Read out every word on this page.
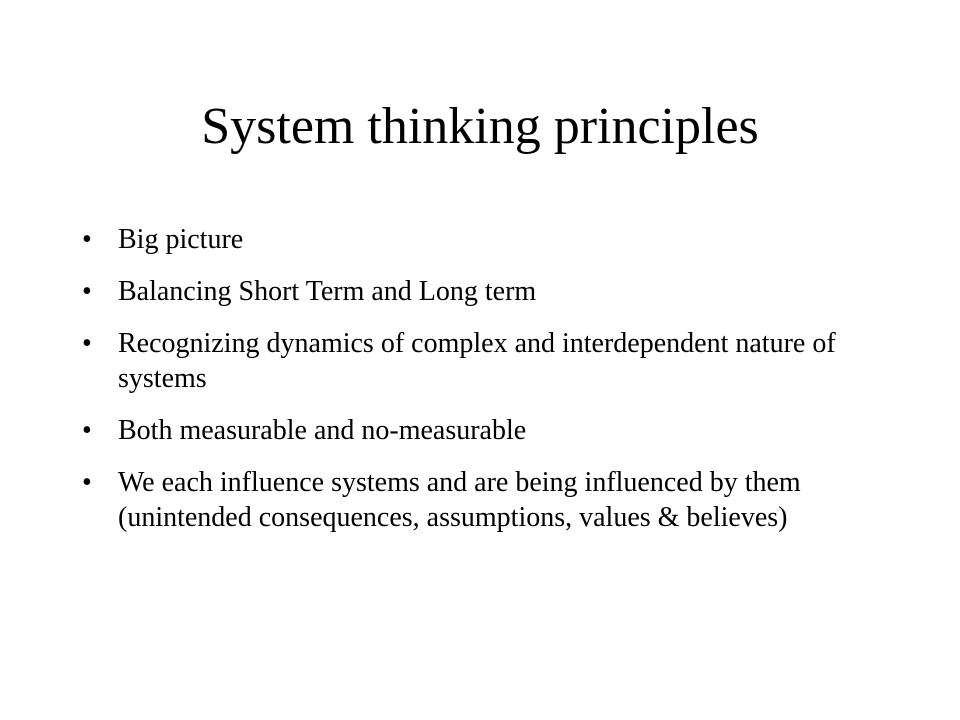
System thinking principles
• Big picture
• Balancing Short Term and Long term
• Recognizing dynamics of complex and interdependent nature of systems
• Both measurable and no-measurable
• We each influence systems and are being influenced by them (unintended consequences, assumptions, values & believes)
